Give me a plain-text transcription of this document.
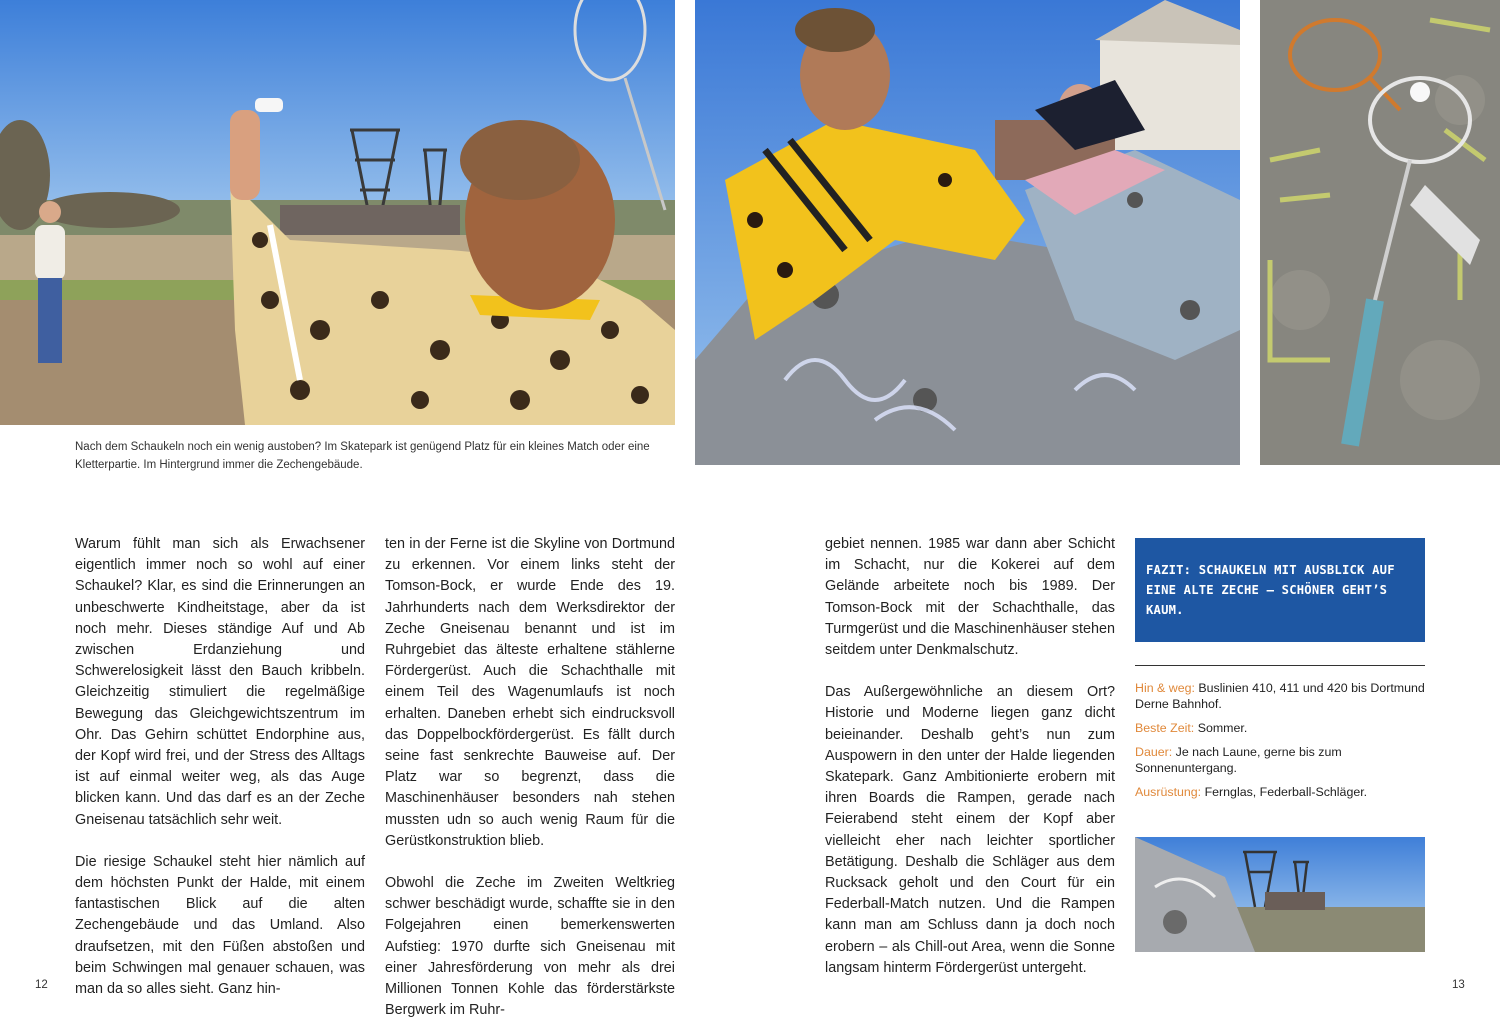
Nach dem Schaukeln noch ein wenig austoben? Im Skatepark ist genügend Platz für ein kleines Match oder eine Kletterpartie. Im Hintergrund immer die Zechengebäude.

Warum fühlt man sich als Erwachsener eigentlich immer noch so wohl auf einer Schaukel? Klar, es sind die Erinnerungen an unbeschwerte Kindheitstage, aber da ist noch mehr. Dieses ständige Auf und Ab zwischen Erdanziehung und Schwerelosigkeit lässt den Bauch kribbeln. Gleichzeitig stimuliert die regelmäßige Bewegung das Gleichgewichtszentrum im Ohr. Das Gehirn schüttet Endorphine aus, der Kopf wird frei, und der Stress des Alltags ist auf einmal weiter weg, als das Auge blicken kann. Und das darf es an der Zeche Gneisenau tatsächlich sehr weit.

Die riesige Schaukel steht hier nämlich auf dem höchsten Punkt der Halde, mit einem fantastischen Blick auf die alten Zechengebäude und das Umland. Also draufsetzen, mit den Füßen abstoßen und beim Schwingen mal genauer schauen, was man da so alles sieht. Ganz hin-

ten in der Ferne ist die Skyline von Dortmund zu erkennen. Vor einem links steht der Tomson-Bock, er wurde Ende des 19. Jahrhunderts nach dem Werksdirektor der Zeche Gneisenau benannt und ist im Ruhrgebiet das älteste erhaltene stählerne Fördergerüst. Auch die Schachthalle mit einem Teil des Wagenumlaufs ist noch erhalten. Daneben erhebt sich eindrucksvoll das Doppelbockfördergerüst. Es fällt durch seine fast senkrechte Bauweise auf. Der Platz war so begrenzt, dass die Maschinenhäuser besonders nah stehen mussten udn so auch wenig Raum für die Gerüstkonstruktion blieb.

Obwohl die Zeche im Zweiten Weltkrieg schwer beschädigt wurde, schaffte sie in den Folgejahren einen bemerkenswerten Aufstieg: 1970 durfte sich Gneisenau mit einer Jahresförderung von mehr als drei Millionen Tonnen Kohle das förderstärkste Bergwerk im Ruhr-

gebiet nennen. 1985 war dann aber Schicht im Schacht, nur die Kokerei auf dem Gelände arbeitete noch bis 1989. Der Tomson-Bock mit der Schachthalle, das Turmgerüst und die Maschinenhäuser stehen seitdem unter Denkmalschutz.

Das Außergewöhnliche an diesem Ort? Historie und Moderne liegen ganz dicht beieinander. Deshalb geht’s nun zum Auspowern in den unter der Halde liegenden Skatepark. Ganz Ambitionierte erobern mit ihren Boards die Rampen, gerade nach Feierabend steht einem der Kopf aber vielleicht eher nach leichter sportlicher Betätigung. Deshalb die Schläger aus dem Rucksack geholt und den Court für ein Federball-Match nutzen. Und die Rampen kann man am Schluss dann ja doch noch erobern – als Chill-out Area, wenn die Sonne langsam hinterm Fördergerüst untergeht.

FAZIT: SCHAUKELN MIT AUSBLICK AUF EINE ALTE ZECHE – SCHÖNER GEHT’S KAUM.
Hin & weg: Buslinien 410, 411 und 420 bis Dortmund Derne Bahnhof.
Beste Zeit: Sommer.
Dauer: Je nach Laune, gerne bis zum Sonnenuntergang.
Ausrüstung: Fernglas, Federball-Schläger.
12	13
